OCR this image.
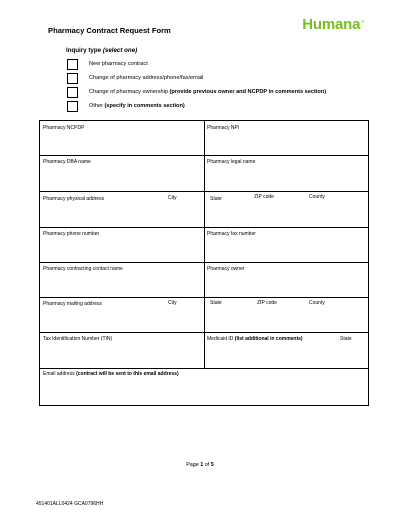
Pharmacy Contract Request Form	Humana®
Inquiry type (select one)
New pharmacy contract
Change of pharmacy address/phone/fax/email
Change of pharmacy ownership (provide previous owner and NCPDP in comments section)
Other (specify in comments section)
Pharmacy NCPDP	Pharmacy NPI
Pharmacy DBA name	Pharmacy legal name
Pharmacy physical address	City	State	ZIP code	County
Pharmacy phone number	Pharmacy fax number
Pharmacy contracting contact name	Pharmacy owner
Pharmacy mailing address	City	State	ZIP code	County
Tax Identification Number (TIN)	Medicaid ID (list additional in comments)	State
Email address (contract will be sent to this email address)
Page 1 of 5
451401ALL0424 GCA0796HH
